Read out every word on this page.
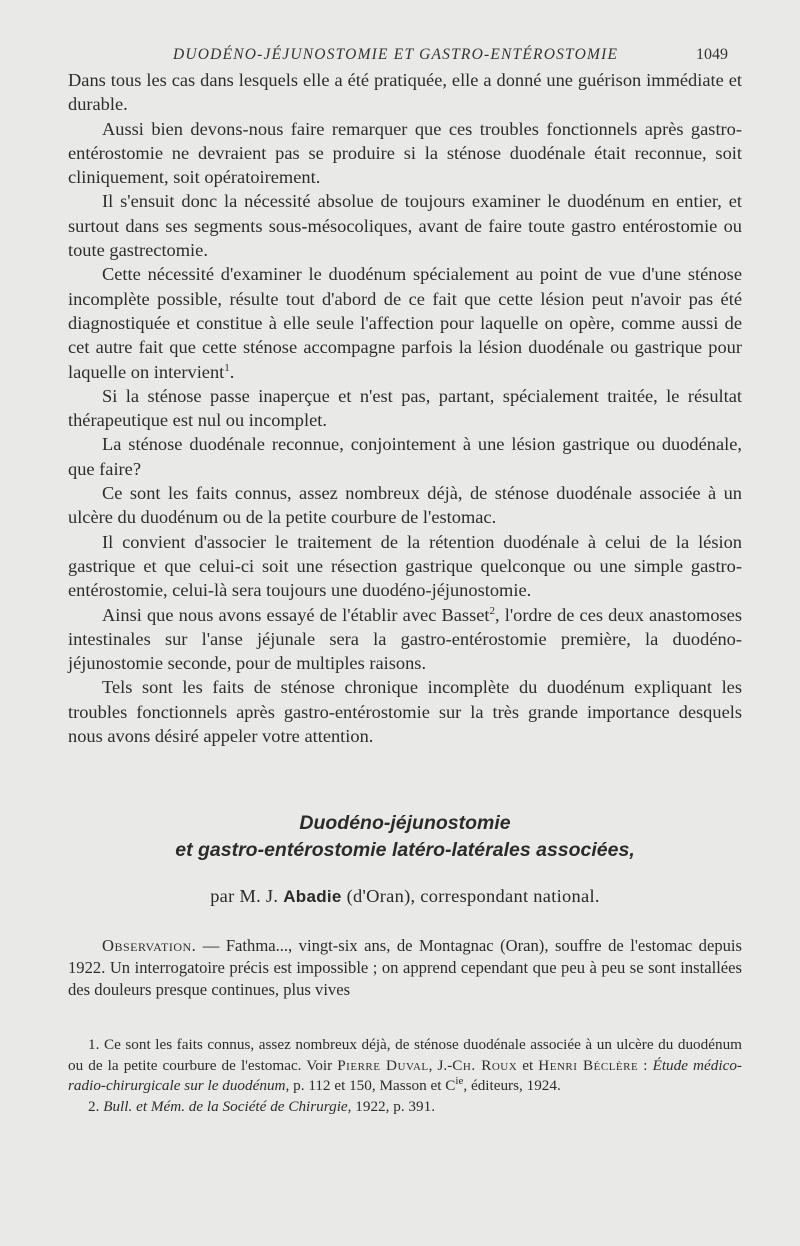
DUODÉNO-JÉJUNOSTOMIE ET GASTRO-ENTÉROSTOMIE	1049

Dans tous les cas dans lesquels elle a été pratiquée, elle a donné une guérison immédiate et durable.

Aussi bien devons-nous faire remarquer que ces troubles fonctionnels après gastro-entérostomie ne devraient pas se produire si la sténose duodénale était reconnue, soit cliniquement, soit opératoirement.

Il s'ensuit donc la nécessité absolue de toujours examiner le duodénum en entier, et surtout dans ses segments sous-mésocoliques, avant de faire toute gastro entérostomie ou toute gastrectomie.

Cette nécessité d'examiner le duodénum spécialement au point de vue d'une sténose incomplète possible, résulte tout d'abord de ce fait que cette lésion peut n'avoir pas été diagnostiquée et constitue à elle seule l'affection pour laquelle on opère, comme aussi de cet autre fait que cette sténose accompagne parfois la lésion duodénale ou gastrique pour laquelle on intervient$^1$.

Si la sténose passe inaperçue et n'est pas, partant, spécialement traitée, le résultat thérapeutique est nul ou incomplet.

La sténose duodénale reconnue, conjointement à une lésion gastrique ou duodénale, que faire?

Ce sont les faits connus, assez nombreux déjà, de sténose duodénale associée à un ulcère du duodénum ou de la petite courbure de l'estomac.

Il convient d'associer le traitement de la rétention duodénale à celui de la lésion gastrique et que celui-ci soit une résection gastrique quelconque ou une simple gastro-entérostomie, celui-là sera toujours une duodéno-jéjunostomie.

Ainsi que nous avons essayé de l'établir avec Basset$^2$, l'ordre de ces deux anastomoses intestinales sur l'anse jéjunale sera la gastro-entérostomie première, la duodéno-jéjunostomie seconde, pour de multiples raisons.

Tels sont les faits de sténose chronique incomplète du duodénum expliquant les troubles fonctionnels après gastro-entérostomie sur la très grande importance desquels nous avons désiré appeler votre attention.

Duodéno-jéjunostomie
et gastro-entérostomie latéro-latérales associées,
par M. J. Abadie (d'Oran), correspondant national.

Observation. — Fathma..., vingt-six ans, de Montagnac (Oran), souffre de l'estomac depuis 1922. Un interrogatoire précis est impossible ; on apprend cependant que peu à peu se sont installées des douleurs presque continues, plus vives

1. Ce sont les faits connus, assez nombreux déjà, de sténose duodénale associée à un ulcère du duodénum ou de la petite courbure de l'estomac. Voir Pierre Duval, J.-Ch. Roux et Henri Béclère : Étude médico-radio-chirurgicale sur le duodénum, p. 112 et 150, Masson et $C^{ie}$, éditeurs, 1924.

2. Bull. et Mém. de la Société de Chirurgie, 1922, p. 391.
